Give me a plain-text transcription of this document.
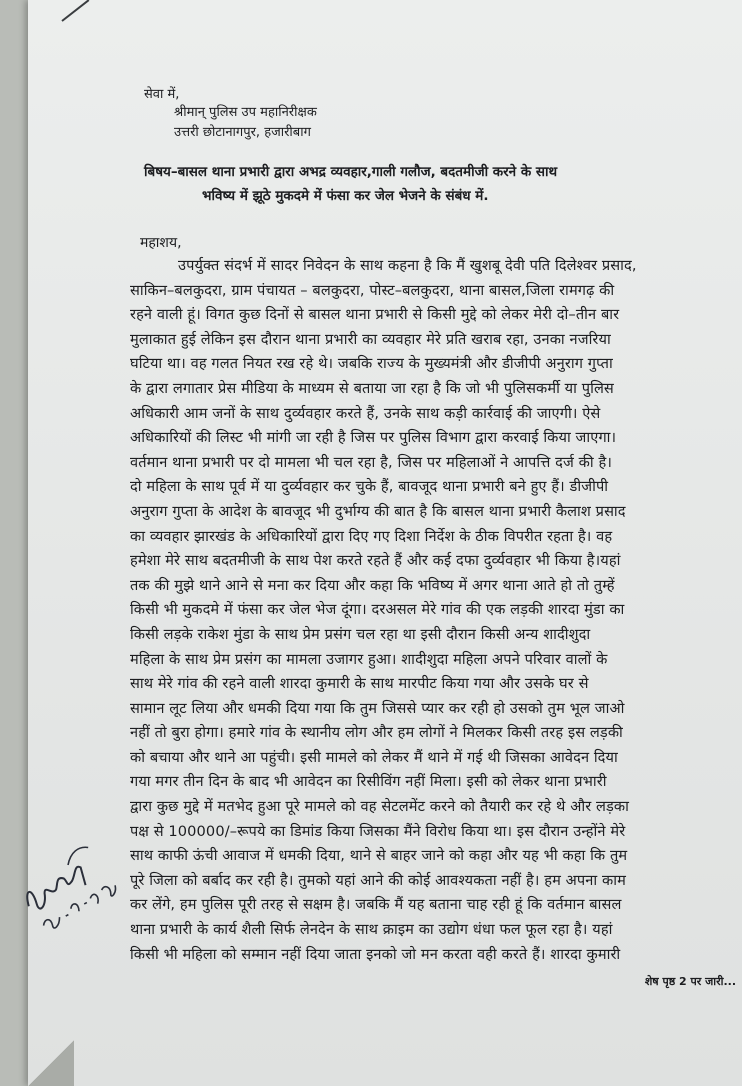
सेवा में,
श्रीमान् पुलिस उप महानिरीक्षक
उत्तरी छोटानागपुर, हजारीबाग
बिषय–बासल थाना प्रभारी द्वारा अभद्र व्यवहार,गाली गलौज, बदतमीजी करने के साथ
भविष्य में झूठे मुकदमे में फंसा कर जेल भेजने के संबंध में.
महाशय,
उपर्युक्त संदर्भ में सादर निवेदन के साथ कहना है कि मैं खुशबू देवी पति दिलेश्वर प्रसाद,
साकिन–बलकुदरा, ग्राम पंचायत – बलकुदरा, पोस्ट–बलकुदरा, थाना बासल,जिला रामगढ़ की
रहने वाली हूं। विगत कुछ दिनों से बासल थाना प्रभारी से किसी मुद्दे को लेकर मेरी दो–तीन बार
मुलाकात हुई लेकिन इस दौरान थाना प्रभारी का व्यवहार मेरे प्रति खराब रहा, उनका नजरिया
घटिया था। वह गलत नियत रख रहे थे। जबकि राज्य के मुख्यमंत्री और डीजीपी अनुराग गुप्ता
के द्वारा लगातार प्रेस मीडिया के माध्यम से बताया जा रहा है कि जो भी पुलिसकर्मी या पुलिस
अधिकारी आम जनों के साथ दुर्व्यवहार करते हैं, उनके साथ कड़ी कार्रवाई की जाएगी। ऐसे
अधिकारियों की लिस्ट भी मांगी जा रही है जिस पर पुलिस विभाग द्वारा करवाई किया जाएगा।
वर्तमान थाना प्रभारी पर दो मामला भी चल रहा है, जिस पर महिलाओं ने आपत्ति दर्ज की है।
दो महिला के साथ पूर्व में या दुर्व्यवहार कर चुके हैं, बावजूद थाना प्रभारी बने हुए हैं। डीजीपी
अनुराग गुप्ता के आदेश के बावजूद भी दुर्भाग्य की बात है कि बासल थाना प्रभारी कैलाश प्रसाद
का व्यवहार झारखंड के अधिकारियों द्वारा दिए गए दिशा निर्देश के ठीक विपरीत रहता है। वह
हमेशा मेरे साथ बदतमीजी के साथ पेश करते रहते हैं और कई दफा दुर्व्यवहार भी किया है।यहां
तक की मुझे थाने आने से मना कर दिया और कहा कि भविष्य में अगर थाना आते हो तो तुम्हें
किसी भी मुकदमे में फंसा कर जेल भेज दूंगा। दरअसल मेरे गांव की एक लड़की शारदा मुंडा का
किसी लड़के राकेश मुंडा के साथ प्रेम प्रसंग चल रहा था इसी दौरान किसी अन्य शादीशुदा
महिला के साथ प्रेम प्रसंग का मामला उजागर हुआ। शादीशुदा महिला अपने परिवार वालों के
साथ मेरे गांव की रहने वाली शारदा कुमारी के साथ मारपीट किया गया और उसके घर से
सामान लूट लिया और धमकी दिया गया कि तुम जिससे प्यार कर रही हो उसको तुम भूल जाओ
नहीं तो बुरा होगा। हमारे गांव के स्थानीय लोग और हम लोगों ने मिलकर किसी तरह इस लड़की
को बचाया और थाने आ पहुंची। इसी मामले को लेकर मैं थाने में गई थी जिसका आवेदन दिया
गया मगर तीन दिन के बाद भी आवेदन का रिसीविंग नहीं मिला। इसी को लेकर थाना प्रभारी
द्वारा कुछ मुद्दे में मतभेद हुआ पूरे मामले को वह सेटलमेंट करने को तैयारी कर रहे थे और लड़का
पक्ष से 100000/–रूपये का डिमांड किया जिसका मैंने विरोध किया था। इस दौरान उन्होंने मेरे
साथ काफी ऊंची आवाज में धमकी दिया, थाने से बाहर जाने को कहा और यह भी कहा कि तुम
पूरे जिला को बर्बाद कर रही है। तुमको यहां आने की कोई आवश्यकता नहीं है। हम अपना काम
कर लेंगे, हम पुलिस पूरी तरह से सक्षम है। जबकि मैं यह बताना चाह रही हूं कि वर्तमान बासल
थाना प्रभारी के कार्य शैली सिर्फ लेनदेन के साथ क्राइम का उद्योग धंधा फल फूल रहा है। यहां
किसी भी महिला को सम्मान नहीं दिया जाता इनको जो मन करता वही करते हैं। शारदा कुमारी
शेष पृष्ठ 2 पर जारी...
